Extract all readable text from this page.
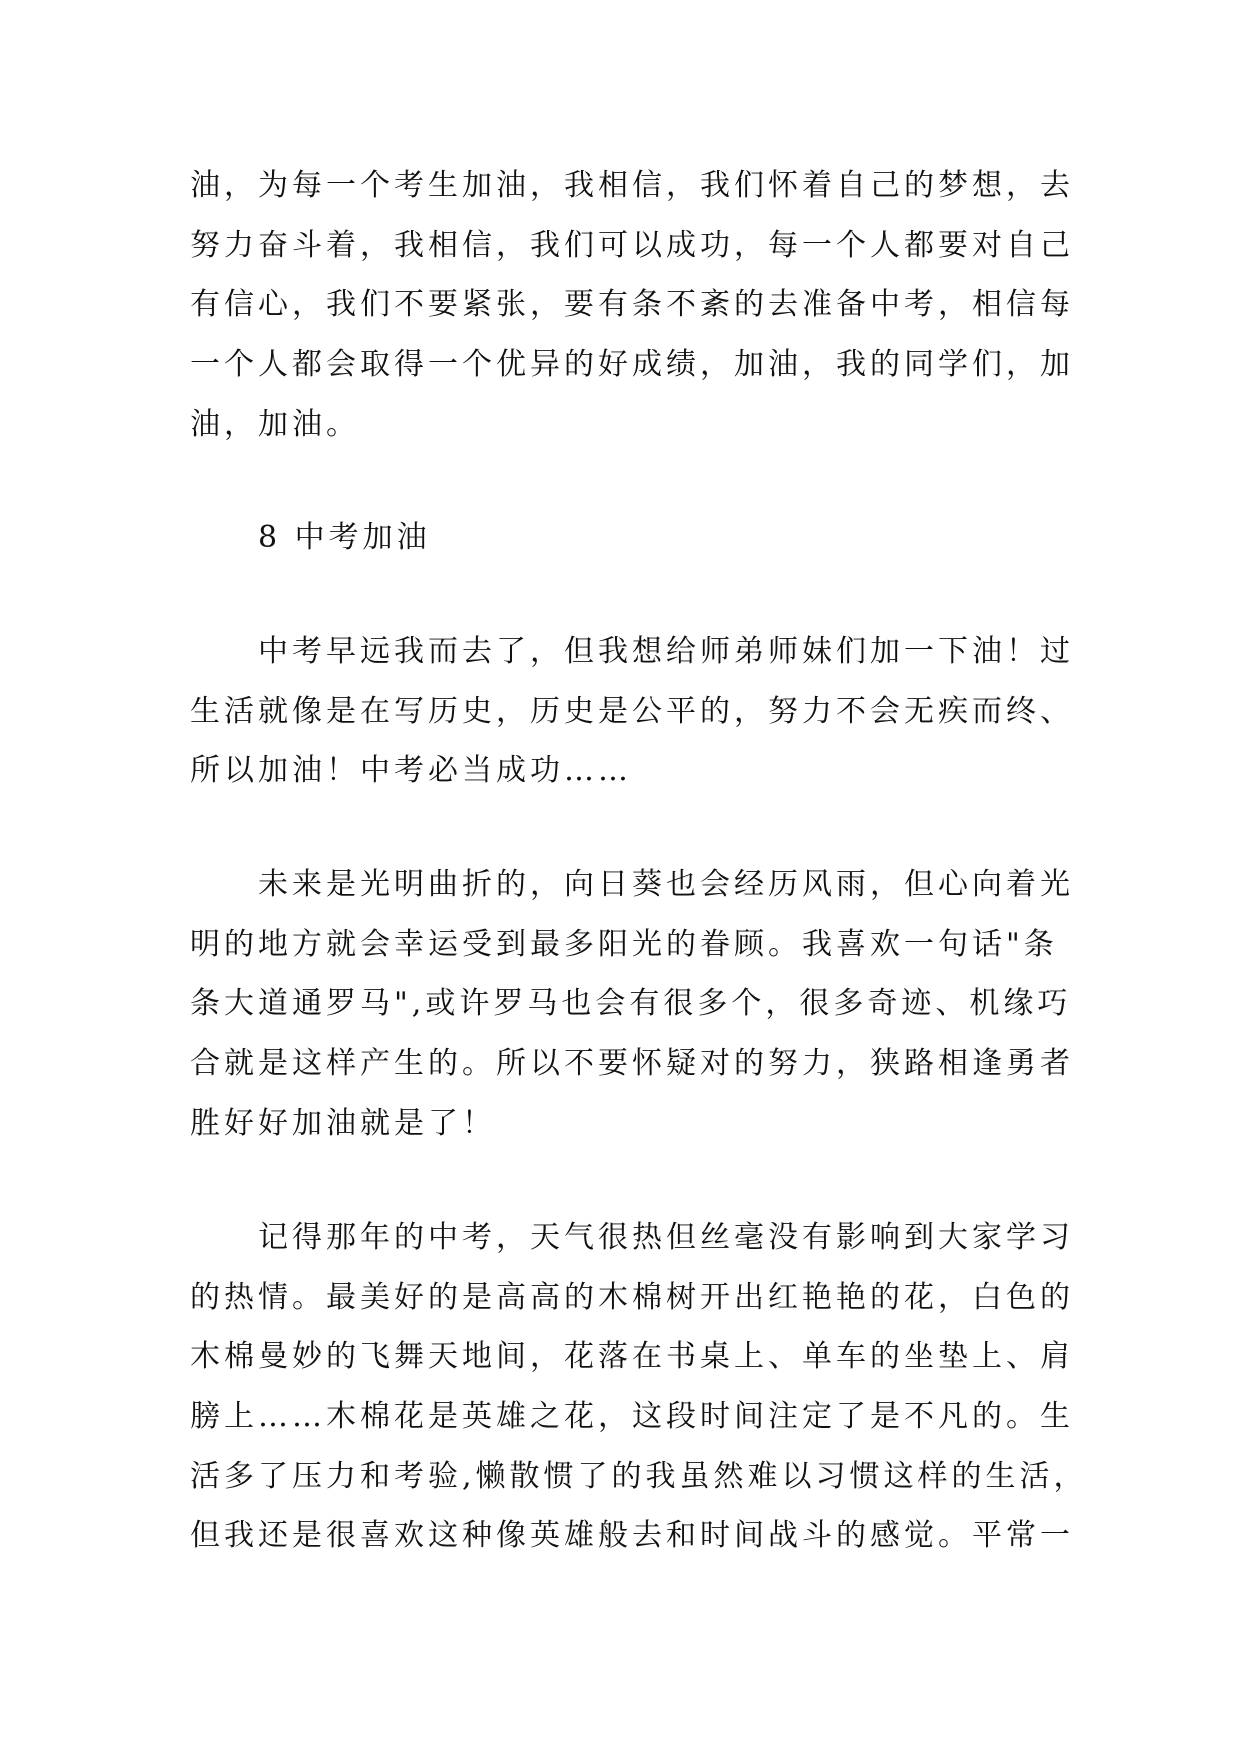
油，为每一个考生加油，我相信，我们怀着自己的梦想，去
努力奋斗着，我相信，我们可以成功，每一个人都要对自己
有信心，我们不要紧张，要有条不紊的去准备中考，相信每
一个人都会取得一个优异的好成绩，加油，我的同学们，加
油，加油。
8 中考加油
中考早远我而去了，但我想给师弟师妹们加一下油！过
生活就像是在写历史，历史是公平的，努力不会无疾而终、
所以加油！中考必当成功……
未来是光明曲折的，向日葵也会经历风雨，但心向着光
明的地方就会幸运受到最多阳光的眷顾。我喜欢一句话"条
条大道通罗马",或许罗马也会有很多个，很多奇迹、机缘巧
合就是这样产生的。所以不要怀疑对的努力，狭路相逢勇者
胜好好加油就是了！
记得那年的中考，天气很热但丝毫没有影响到大家学习
的热情。最美好的是高高的木棉树开出红艳艳的花，白色的
木棉曼妙的飞舞天地间，花落在书桌上、单车的坐垫上、肩
膀上……木棉花是英雄之花，这段时间注定了是不凡的。生
活多了压力和考验,懒散惯了的我虽然难以习惯这样的生活，
但我还是很喜欢这种像英雄般去和时间战斗的感觉。平常一
